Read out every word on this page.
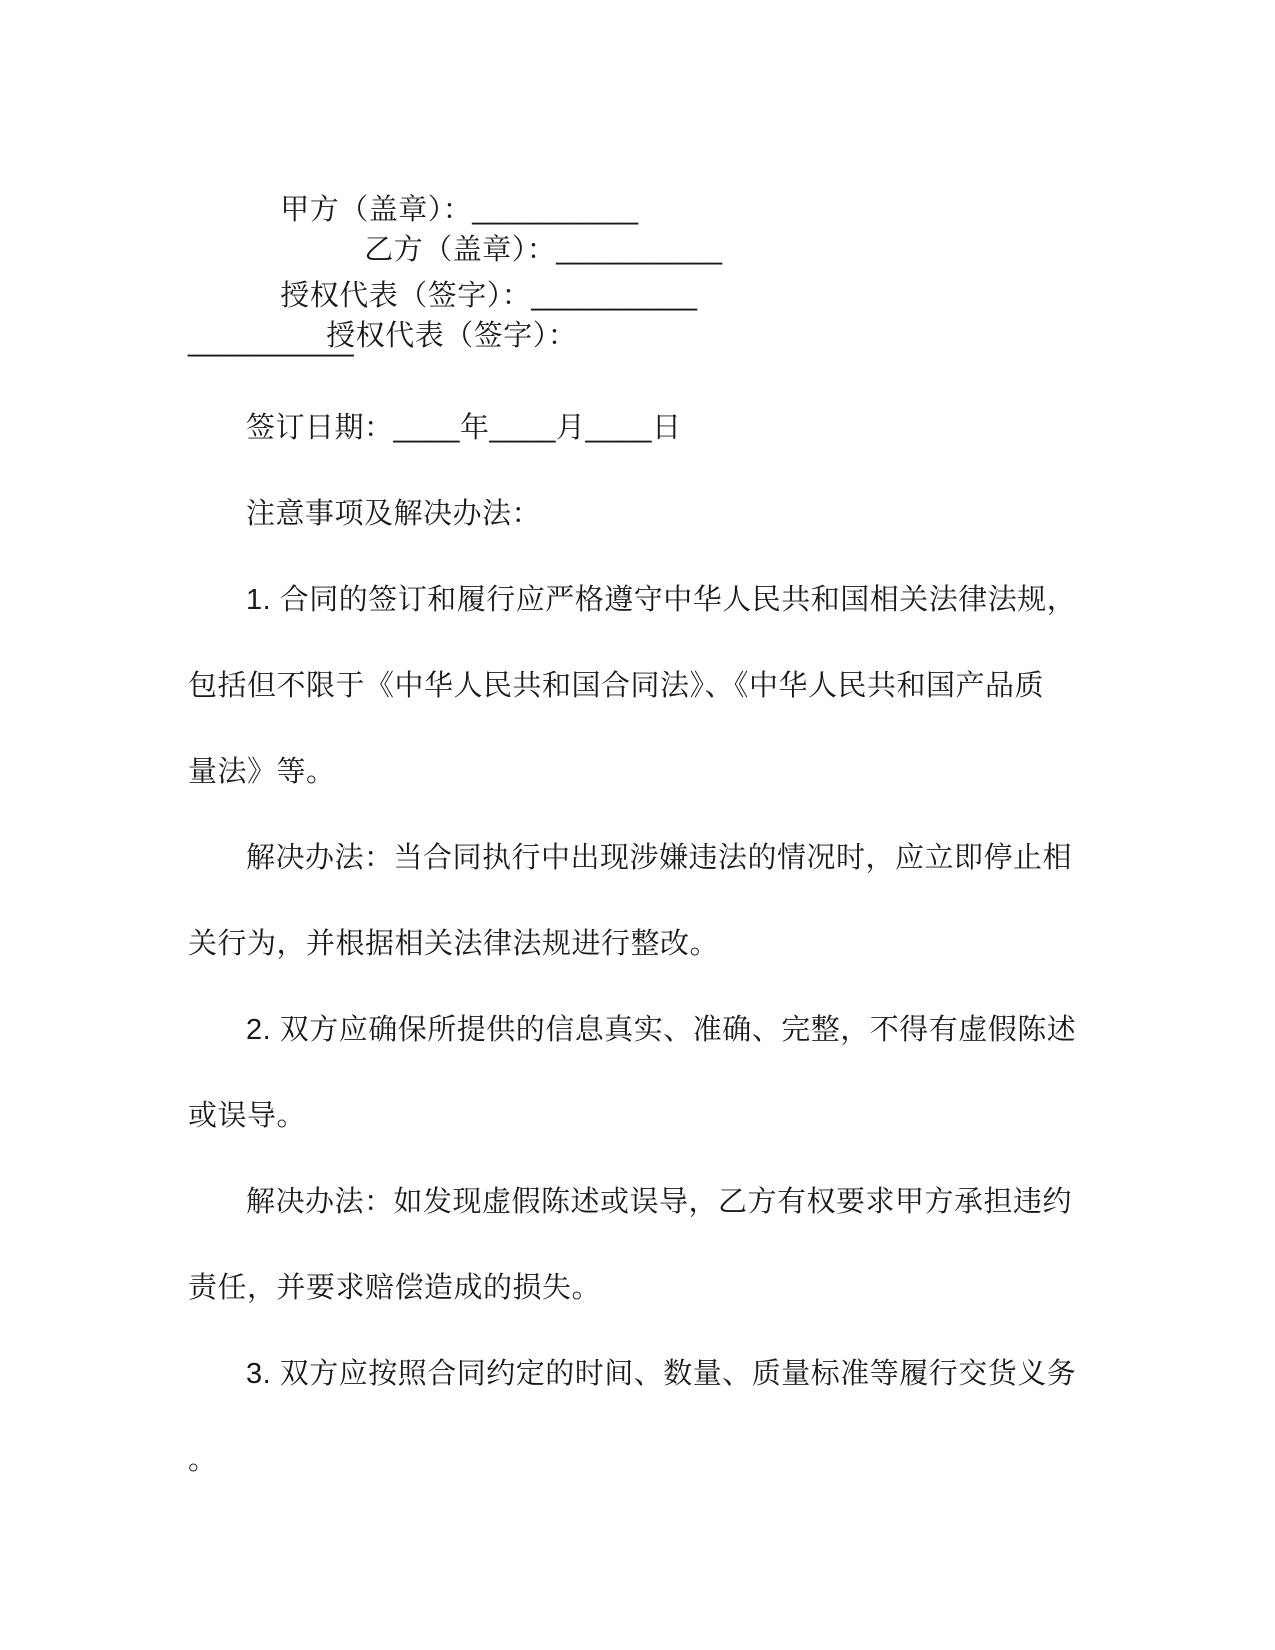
甲方（盖章）：__________
乙方（盖章）：__________

授权代表（签字）：__________
授权代表（签字）：

__________
签订日期：____年____月____日
注意事项及解决办法：
1. 合同的签订和履行应严格遵守中华人民共和国相关法律法规，
包括但不限于《中华人民共和国合同法》、《中华人民共和国产品质
量法》等。
解决办法：当合同执行中出现涉嫌违法的情况时，应立即停止相
关行为，并根据相关法律法规进行整改。
2. 双方应确保所提供的信息真实、准确、完整，不得有虚假陈述
或误导。
解决办法：如发现虚假陈述或误导，乙方有权要求甲方承担违约
责任，并要求赔偿造成的损失。
3. 双方应按照合同约定的时间、数量、质量标准等履行交货义务
。
